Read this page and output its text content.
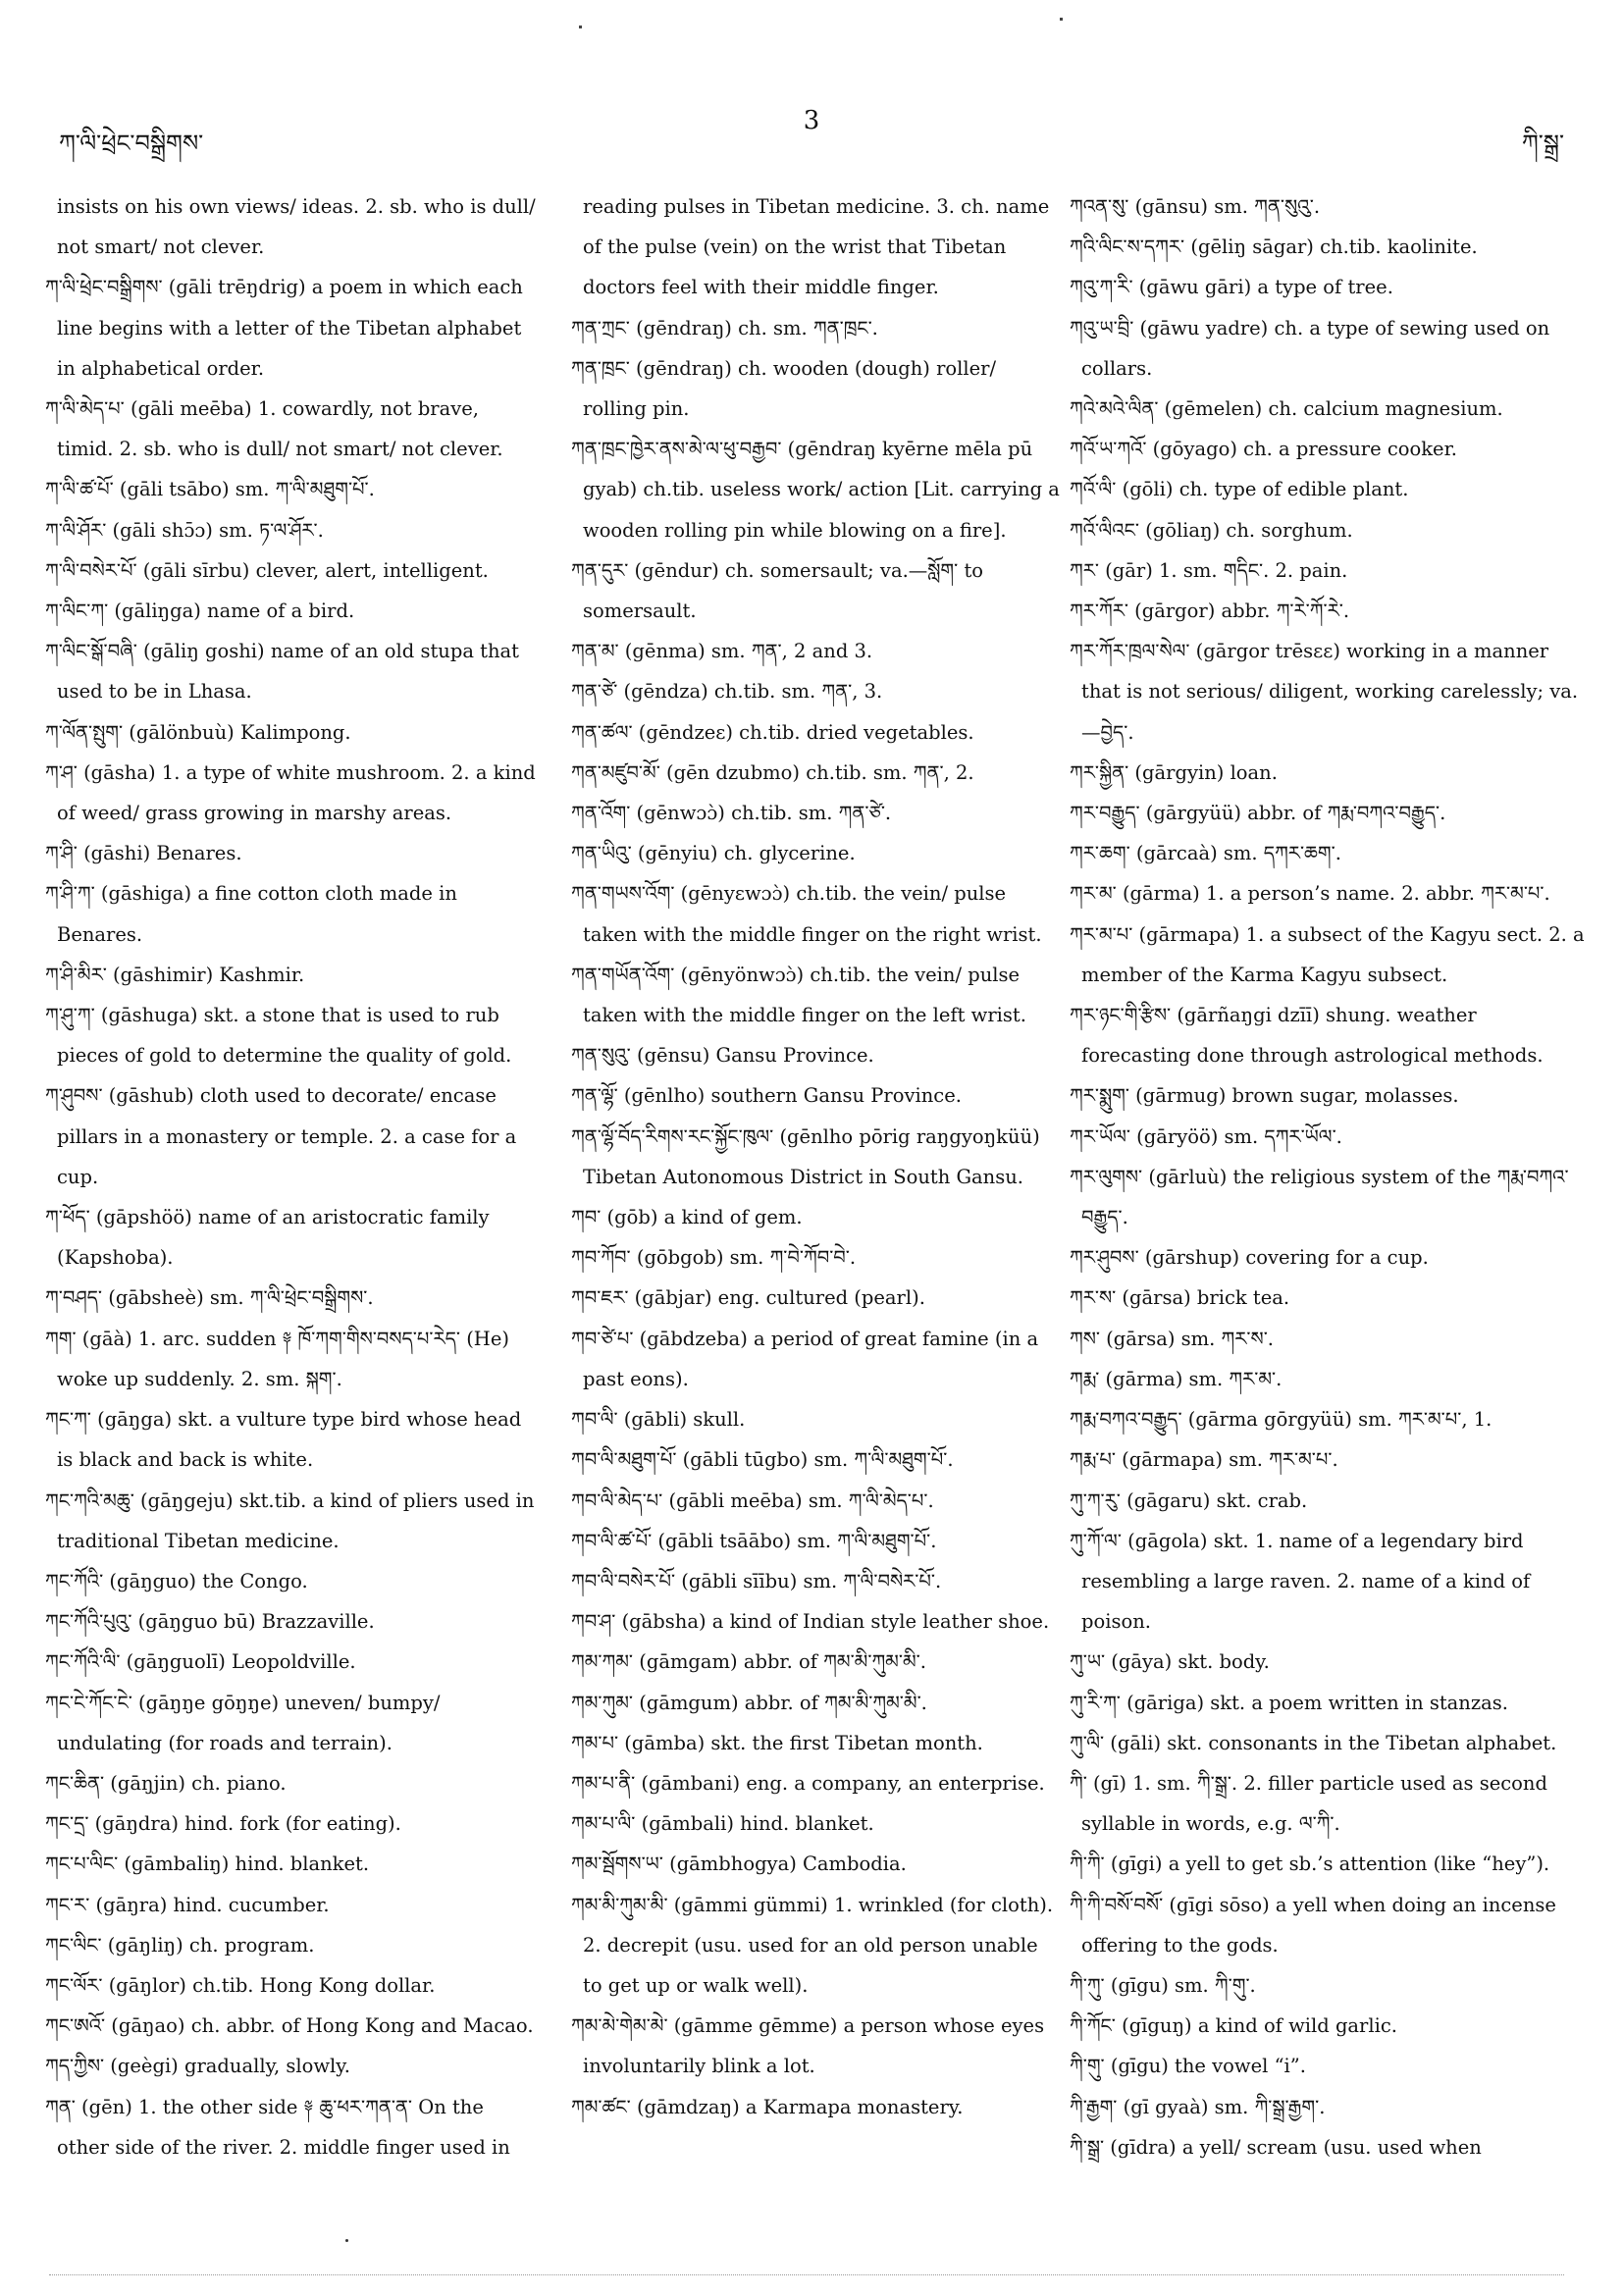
ཀ་ལི་ཕྲེང་བསྒྲིགས་
3
ཀི་སྒྲ་

insists on his own views/ ideas. 2. sb. who is dull/ not smart/ not clever.

ཀ་ལི་ཕྲེང་བསྒྲིགས་ (gāli trēŋdrig) a poem in which each line begins with a letter of the Tibetan alphabet in alphabetical order.

ཀ་ལི་མེད་པ་ (gāli meēba) 1. cowardly, not brave, timid. 2. sb. who is dull/ not smart/ not clever.

ཀ་ལི་ཚ་པོ་ (gāli tsābo) sm. ཀ་ལི་མཐུག་པོ་.

ཀ་ལི་ཤོར་ (gāli shɔ̄ɔ) sm. ཏ་ལ་ཤོར་.

ཀ་ལི་བསེར་པོ་ (gāli sīrbu) clever, alert, intelligent.

ཀ་ལིང་ཀ་ (gāliŋga) name of a bird.

ཀ་ལིང་སྒོ་བཞི་ (gāliŋ goshi) name of an old stupa that used to be in Lhasa.

ཀ་ལོན་སྤུག་ (gālönbuù) Kalimpong.

ཀ་ཤ་ (gāsha) 1. a type of white mushroom. 2. a kind of weed/ grass growing in marshy areas.

ཀ་ཤི་ (gāshi) Benares.

ཀ་ཤི་ཀ་ (gāshiga) a fine cotton cloth made in Benares.

ཀ་ཤི་མིར་ (gāshimir) Kashmir.

ཀ་ཤུ་ཀ་ (gāshuga) skt. a stone that is used to rub pieces of gold to determine the quality of gold.

ཀ་ཤུབས་ (gāshub) cloth used to decorate/ encase pillars in a monastery or temple. 2. a case for a cup.

ཀ་ཕོད་ (gāpshöö) name of an aristocratic family (Kapshoba).

ཀ་བཤད་ (gābsheè) sm. ཀ་ལི་ཕྲེང་བསྒྲིགས་.

ཀག་ (gāà) 1. arc. sudden ༈ ཁོ་ཀག་གིས་བསད་པ་རེད་ (He) woke up suddenly. 2. sm. སྐག་.

ཀང་ཀ་ (gāŋga) skt. a vulture type bird whose head is black and back is white.

ཀང་ཀའི་མཆུ་ (gāŋgeju) skt.tib. a kind of pliers used in traditional Tibetan medicine.

ཀང་ཀོའི་ (gāŋguo) the Congo.

ཀང་ཀོའི་པུའུ་ (gāŋguo bū) Brazzaville.

ཀང་ཀོའི་ལི་ (gāŋguolī) Leopoldville.

ཀང་ངེ་ཀོང་ངེ་ (gāŋŋe gōŋŋe) uneven/ bumpy/ undulating (for roads and terrain).

ཀང་ཆིན་ (gāŋjin) ch. piano.

ཀང་དྲ་ (gāŋdra) hind. fork (for eating).

ཀང་པ་ལིང་ (gāmbaliŋ) hind. blanket.

ཀང་ར་ (gāŋra) hind. cucumber.

ཀང་ལིང་ (gāŋliŋ) ch. program.

ཀང་ལོར་ (gāŋlor) ch.tib. Hong Kong dollar.

ཀང་ཨའོ་ (gāŋao) ch. abbr. of Hong Kong and Macao.

ཀད་ཀྱིས་ (geègi) gradually, slowly.

ཀན་ (gēn) 1. the other side ༈ ཆུ་ཕར་ཀན་ན་ On the other side of the river. 2. middle finger used in

reading pulses in Tibetan medicine. 3. ch. name of the pulse (vein) on the wrist that Tibetan doctors feel with their middle finger.

ཀན་ཀྲང་ (gēndraŋ) ch. sm. ཀན་ཁྲང་.

ཀན་ཁྲང་ (gēndraŋ) ch. wooden (dough) roller/ rolling pin.

ཀན་ཁྲང་ཁྱེར་ནས་མེ་ལ་ཕུ་བརྒྱབ་ (gēndraŋ kyērne mēla pū gyab) ch.tib. useless work/ action [Lit. carrying a wooden rolling pin while blowing on a fire].

ཀན་དུར་ (gēndur) ch. somersault; va.—སློག་ to somersault.

ཀན་མ་ (gēnma) sm. ཀན་, 2 and 3.

ཀན་ཙེ་ (gēndza) ch.tib. sm. ཀན་, 3.

ཀན་ཚལ་ (gēndzeɛ) ch.tib. dried vegetables.

ཀན་མཛུབ་མོ་ (gēn dzubmo) ch.tib. sm. ཀན་, 2.

ཀན་འོག་ (gēnwɔɔ̀) ch.tib. sm. ཀན་ཙེ་.

ཀན་ཡིའུ་ (gēnyiu) ch. glycerine.

ཀན་གཡས་འོག་ (gēnyɛwɔɔ̀) ch.tib. the vein/ pulse taken with the middle finger on the right wrist.

ཀན་གཡོན་འོག་ (gēnyönwɔɔ̀) ch.tib. the vein/ pulse taken with the middle finger on the left wrist.

ཀན་སུའུ་ (gēnsu) Gansu Province.

ཀན་ལྷོ་ (gēnlho) southern Gansu Province.

ཀན་ལྷོ་བོད་རིགས་རང་སྐྱོང་ཁུལ་ (gēnlho pōrig raŋgyoŋküü) Tibetan Autonomous District in South Gansu.

ཀབ་ (gōb) a kind of gem.

ཀབ་ཀོབ་ (gōbgob) sm. ཀ་བེ་ཀོབ་བེ་.

ཀབ་ཇར་ (gābjar) eng. cultured (pearl).

ཀབ་ཙེ་པ་ (gābdzeba) a period of great famine (in a past eons).

ཀབ་ལི་ (gābli) skull.

ཀབ་ལི་མཐུག་པོ་ (gābli tūgbo) sm. ཀ་ལི་མཐུག་པོ་.

ཀབ་ལི་མེད་པ་ (gābli meēba) sm. ཀ་ལི་མེད་པ་.

ཀབ་ལི་ཚ་པོ་ (gābli tsāābo) sm. ཀ་ལི་མཐུག་པོ་.

ཀབ་ལི་བསེར་པོ་ (gābli sīību) sm. ཀ་ལི་བསེར་པོ་.

ཀབ་ཤ་ (gābsha) a kind of Indian style leather shoe.

ཀམ་ཀམ་ (gāmgam) abbr. of ཀམ་མི་ཀུམ་མི་.

ཀམ་ཀུམ་ (gāmgum) abbr. of ཀམ་མི་ཀུམ་མི་.

ཀམ་པ་ (gāmba) skt. the first Tibetan month.

ཀམ་པ་ནི་ (gāmbani) eng. a company, an enterprise.

ཀམ་པ་ལི་ (gāmbali) hind. blanket.

ཀམ་སྦོགས་ཡ་ (gāmbhogya) Cambodia.

ཀམ་མི་ཀུམ་མི་ (gāmmi gümmi) 1. wrinkled (for cloth). 2. decrepit (usu. used for an old person unable to get up or walk well).

ཀམ་མེ་གེམ་མེ་ (gāmme gēmme) a person whose eyes involuntarily blink a lot.

ཀམ་ཚང་ (gāmdzaŋ) a Karmapa monastery.

ཀའན་སུ་ (gānsu) sm. ཀན་སུའུ་.

ཀའི་ལིང་ས་དཀར་ (gēliŋ sāgar) ch.tib. kaolinite.

ཀའུ་ཀ་རི་ (gāwu gāri) a type of tree.

ཀའུ་ཡ་བྲི་ (gāwu yadre) ch. a type of sewing used on collars.

ཀའེ་མའེ་ལིན་ (gēmelen) ch. calcium magnesium.

ཀའོ་ཡ་ཀའོ་ (gōyago) ch. a pressure cooker.

ཀའོ་ལི་ (gōli) ch. type of edible plant.

ཀའོ་ལིའང་ (gōliaŋ) ch. sorghum.

ཀར་ (gār) 1. sm. གདིང་. 2. pain.

ཀར་ཀོར་ (gārgor) abbr. ཀ་རེ་ཀོ་རེ་.

ཀར་ཀོར་ཁྲལ་སེལ་ (gārgor trēsɛɛ) working in a manner that is not serious/ diligent, working carelessly; va.—བྱེད་.

ཀར་སྐྱིན་ (gārgyin) loan.

ཀར་བརྒྱུད་ (gārgyüü) abbr. of ཀརྨ་བཀའ་བརྒྱུད་.

ཀར་ཆག་ (gārcaà) sm. དཀར་ཆག་.

ཀར་མ་ (gārma) 1. a person’s name. 2. abbr. ཀར་མ་པ་.

ཀར་མ་པ་ (gārmapa) 1. a subsect of the Kagyu sect. 2. a member of the Karma Kagyu subsect.

ཀར་ཉང་གི་རྩིས་ (gārñaŋgi dzīī) shung. weather forecasting done through astrological methods.

ཀར་སྨུག་ (gārmug) brown sugar, molasses.

ཀར་ཡོལ་ (gāryöö) sm. དཀར་ཡོལ་.

ཀར་ལུགས་ (gārluù) the religious system of the ཀརྨ་བཀའ་བརྒྱུད་.

ཀར་ཤུབས་ (gārshup) covering for a cup.

ཀར་ས་ (gārsa) brick tea.

ཀས་ (gārsa) sm. ཀར་ས་.

ཀརྨ་ (gārma) sm. ཀར་མ་.

ཀརྨ་བཀའ་བརྒྱུད་ (gārma gōrgyüü) sm. ཀར་མ་པ་, 1.

ཀརྨ་པ་ (gārmapa) sm. ཀར་མ་པ་.

ཀུ་ཀ་རུ་ (gāgaru) skt. crab.

ཀུ་ཀོ་ལ་ (gāgola) skt. 1. name of a legendary bird resembling a large raven. 2. name of a kind of poison.

ཀུ་ཡ་ (gāya) skt. body.

ཀུ་རི་ཀ་ (gāriga) skt. a poem written in stanzas.

ཀུ་ལི་ (gāli) skt. consonants in the Tibetan alphabet.

ཀི་ (gī) 1. sm. ཀི་སྒྲ་. 2. filler particle used as second syllable in words, e.g. ལ་ཀི་.

ཀི་ཀི་ (gīgi) a yell to get sb.’s attention (like “hey”).

ཀི་ཀི་བསོ་བསོ་ (gīgi sōso) a yell when doing an incense offering to the gods.

ཀི་ཀུ་ (gīgu) sm. ཀི་གུ་.

ཀི་ཀོང་ (gīguŋ) a kind of wild garlic.

ཀི་གུ་ (gīgu) the vowel “i”.

ཀི་རྒྱག་ (gī gyaà) sm. ཀི་སྒྲ་རྒྱག་.

ཀི་སྒྲ་ (gīdra) a yell/ scream (usu. used when
